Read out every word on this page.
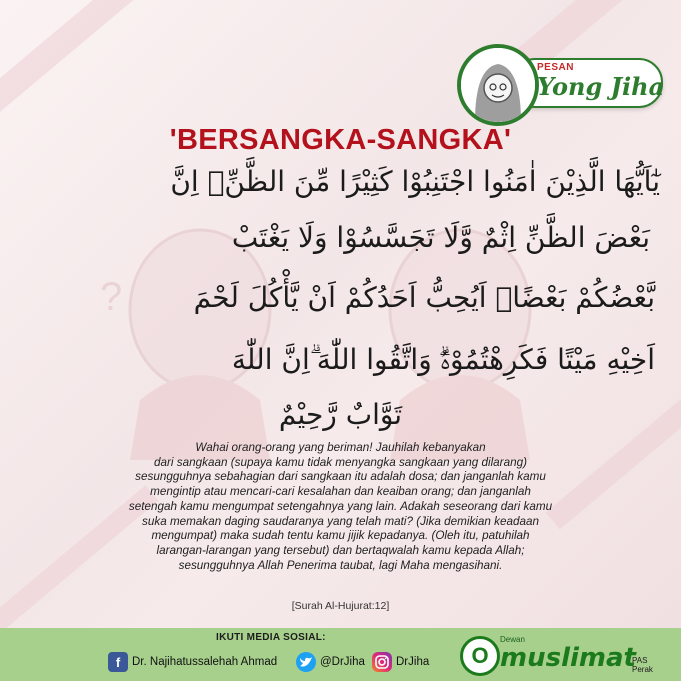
?
PESAN
Yong Jiha
'BERSANGKA-SANGKA'
يٰٓاَيُّهَا الَّذِيْنَ اٰمَنُوا اجْتَنِبُوْا كَثِيْرًا مِّنَ الظَّنِّۖ اِنَّ
بَعْضَ الظَّنِّ اِثْمٌ وَّلَا تَجَسَّسُوْا وَلَا يَغْتَبْ
بَّعْضُكُمْ بَعْضًاۗ اَيُحِبُّ اَحَدُكُمْ اَنْ يَّأْكُلَ لَحْمَ
اَخِيْهِ مَيْتًا فَكَرِهْتُمُوْهُۗ وَاتَّقُوا اللّٰهَ ۗاِنَّ اللّٰهَ
تَوَّابٌ رَّحِيْمٌ
Wahai orang-orang yang beriman! Jauhilah kebanyakan
dari sangkaan (supaya kamu tidak menyangka sangkaan yang dilarang)
sesungguhnya sebahagian dari sangkaan itu adalah dosa; dan janganlah kamu
mengintip atau mencari-cari kesalahan dan keaiban orang; dan janganlah
setengah kamu mengumpat setengahnya yang lain. Adakah seseorang dari kamu
suka memakan daging saudaranya yang telah mati? (Jika demikian keadaan
mengumpat) maka sudah tentu kamu jijik kepadanya. (Oleh itu, patuhilah
larangan-larangan yang tersebut) dan bertaqwalah kamu kepada Allah;
sesungguhnya Allah Penerima taubat, lagi Maha mengasihani.
[Surah Al-Hujurat:12]
IKUTI MEDIA SOSIAL:
f	Dr. Najihatussalehah Ahmad	@DrJiha	DrJiha	O
Dewan
muslimat
PAS Perak
